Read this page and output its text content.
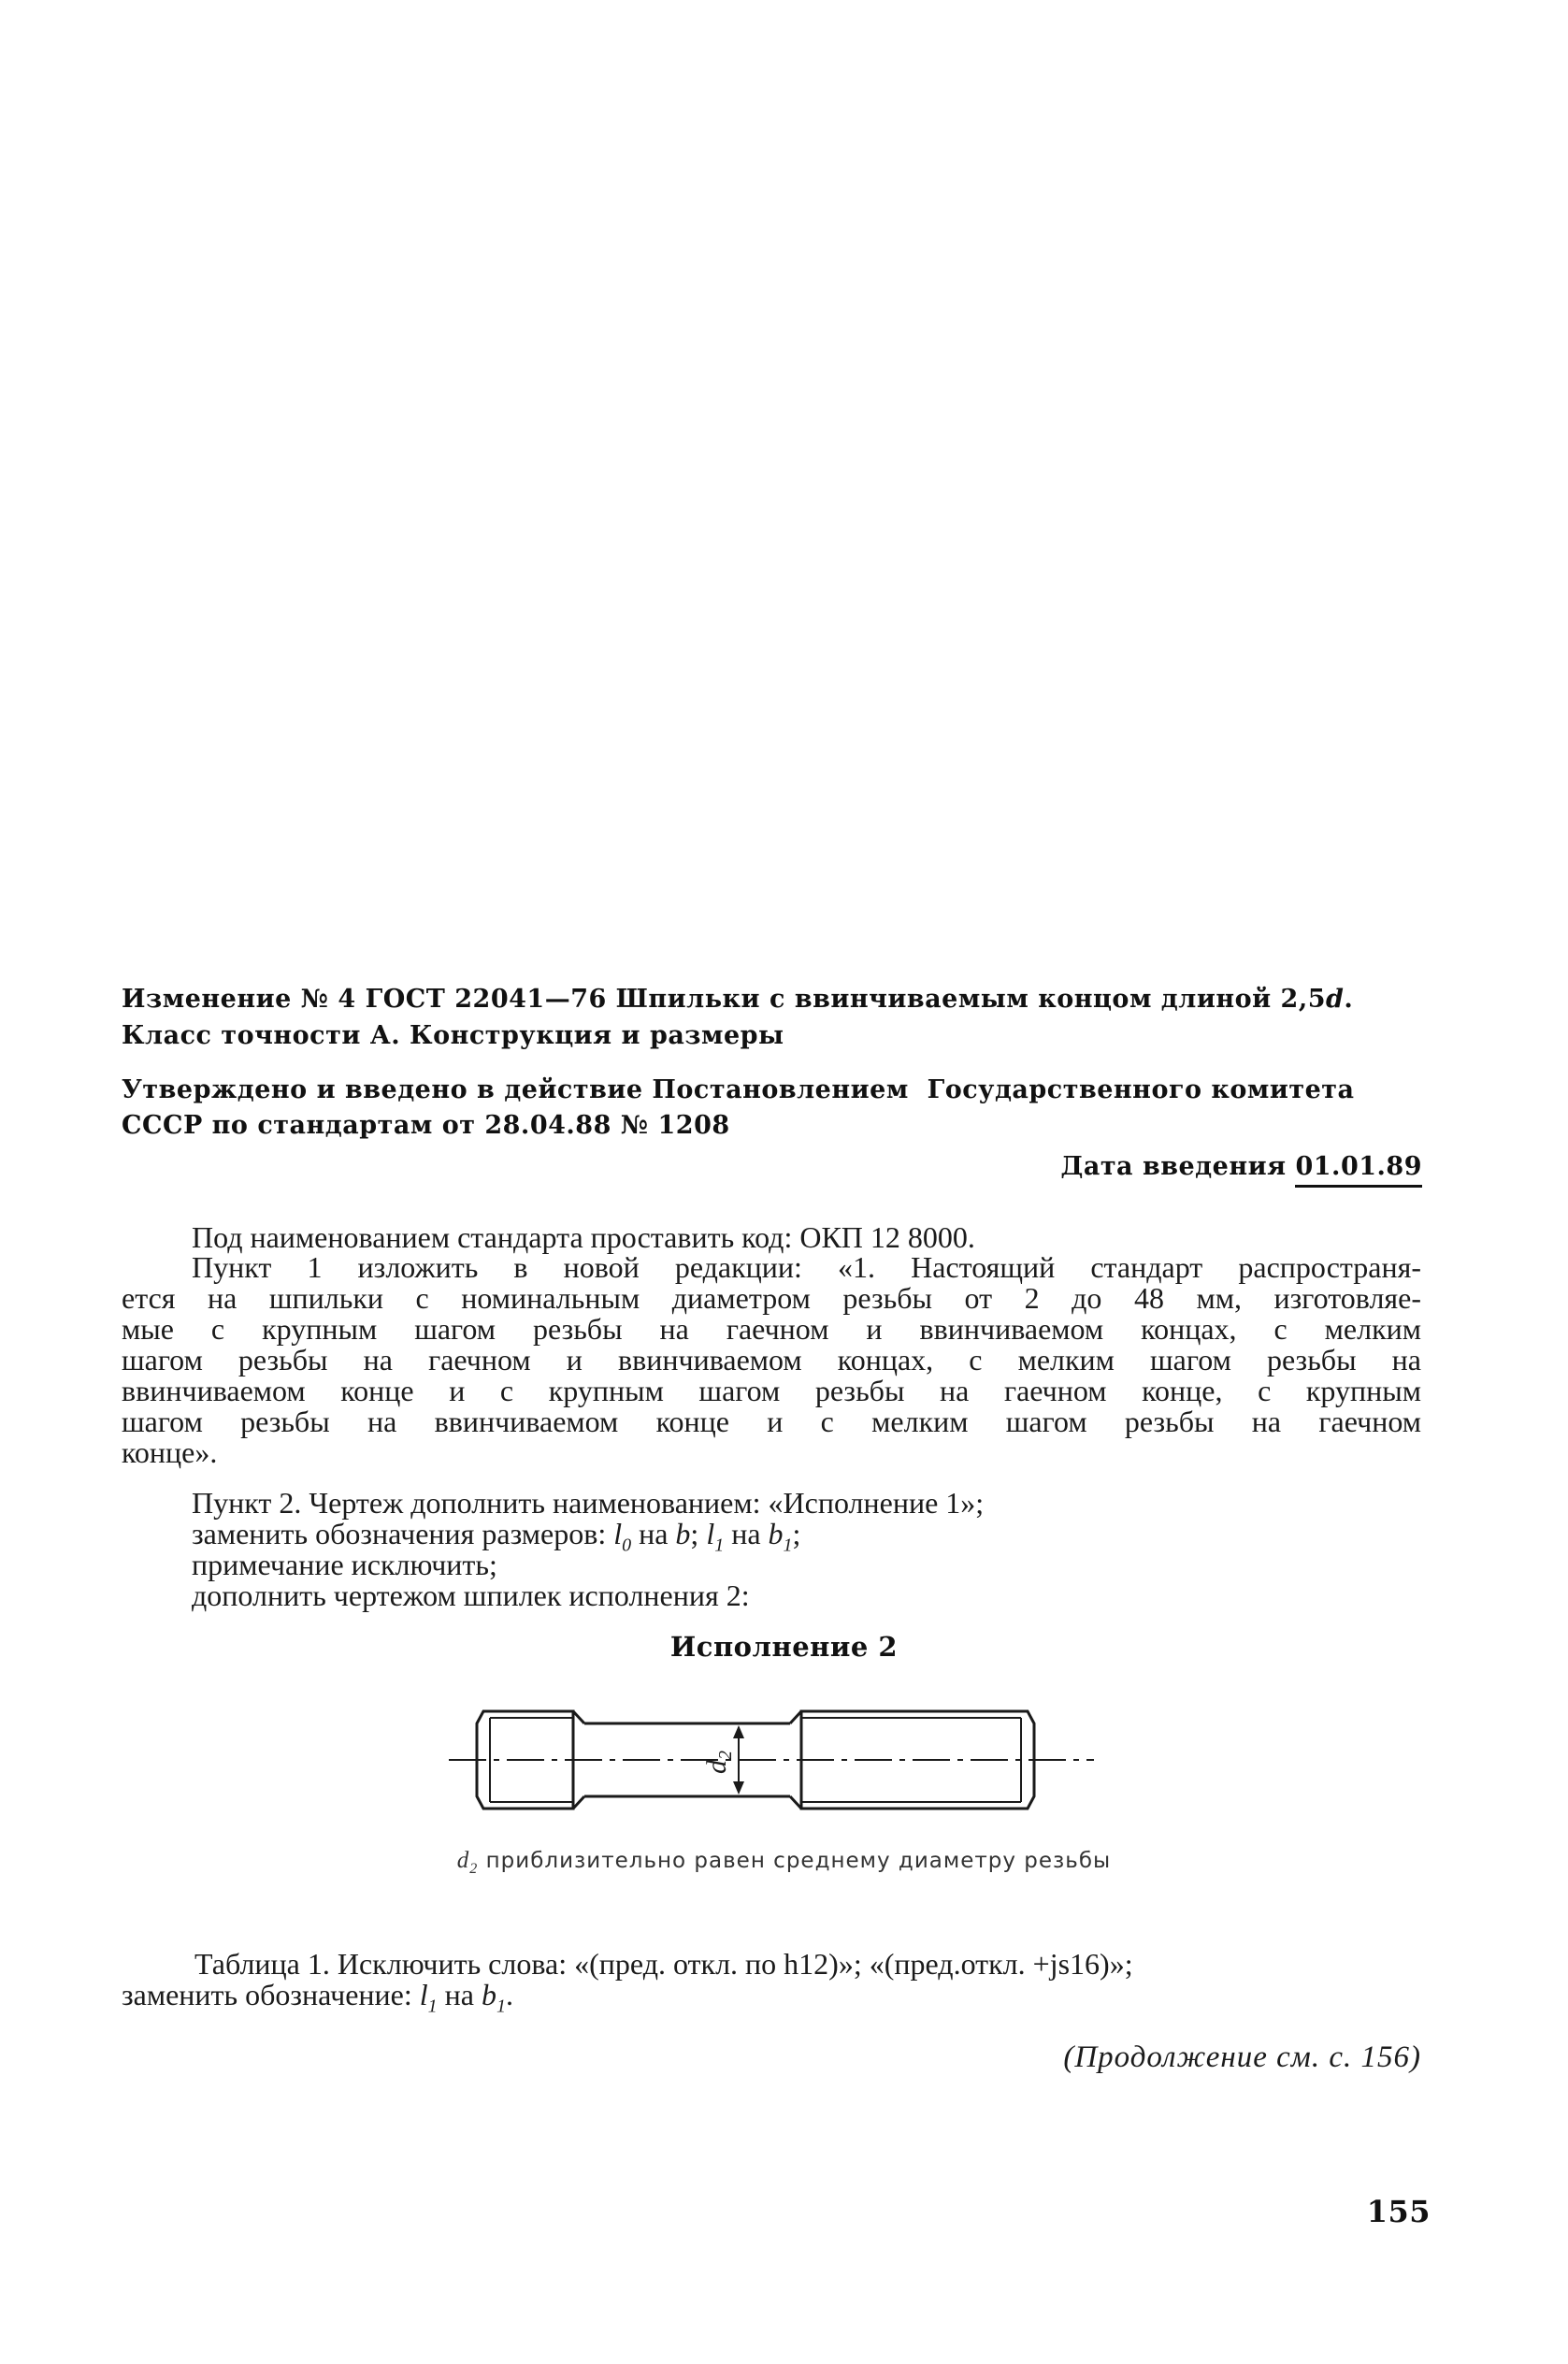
Изменение № 4 ГОСТ 22041—76 Шпильки с ввинчиваемым концом длиной 2,5d.
Класс точности А. Конструкция и размеры
Утверждено и введено в действие Постановлением  Государственного комитета
СССР по стандартам от 28.04.88 № 1208
Дата введения 01.01.89
Под наименованием стандарта проставить код: ОКП 12 8000.
Пункт 1 изложить в новой редакции: «1. Настоящий стандарт распространя-
ется на шпильки с номинальным диаметром резьбы от 2 до 48 мм, изготовляе-
мые с крупным шагом резьбы на гаечном и ввинчиваемом концах, с мелким
шагом резьбы на гаечном и ввинчиваемом концах, с мелким шагом резьбы на
ввинчиваемом конце и с крупным шагом резьбы на гаечном конце, с крупным
шагом резьбы на ввинчиваемом конце и с мелким шагом резьбы на гаечном
конце».
Пункт 2. Чертеж дополнить наименованием: «Исполнение 1»;
заменить обозначения размеров: $l_0$ на b; $l_1$ на $b_1$;
примечание исключить;
дополнить чертежом шпилек исполнения 2:
Исполнение 2
$d_2$
$d_2$ приблизительно равен среднему диаметру резьбы
Таблица 1. Исключить слова: «(пред. откл. по h12)»; «(пред.откл. +js16)»;
заменить обозначение: $l_1$ на $b_1$.
(Продолжение см. с. 156)
155
